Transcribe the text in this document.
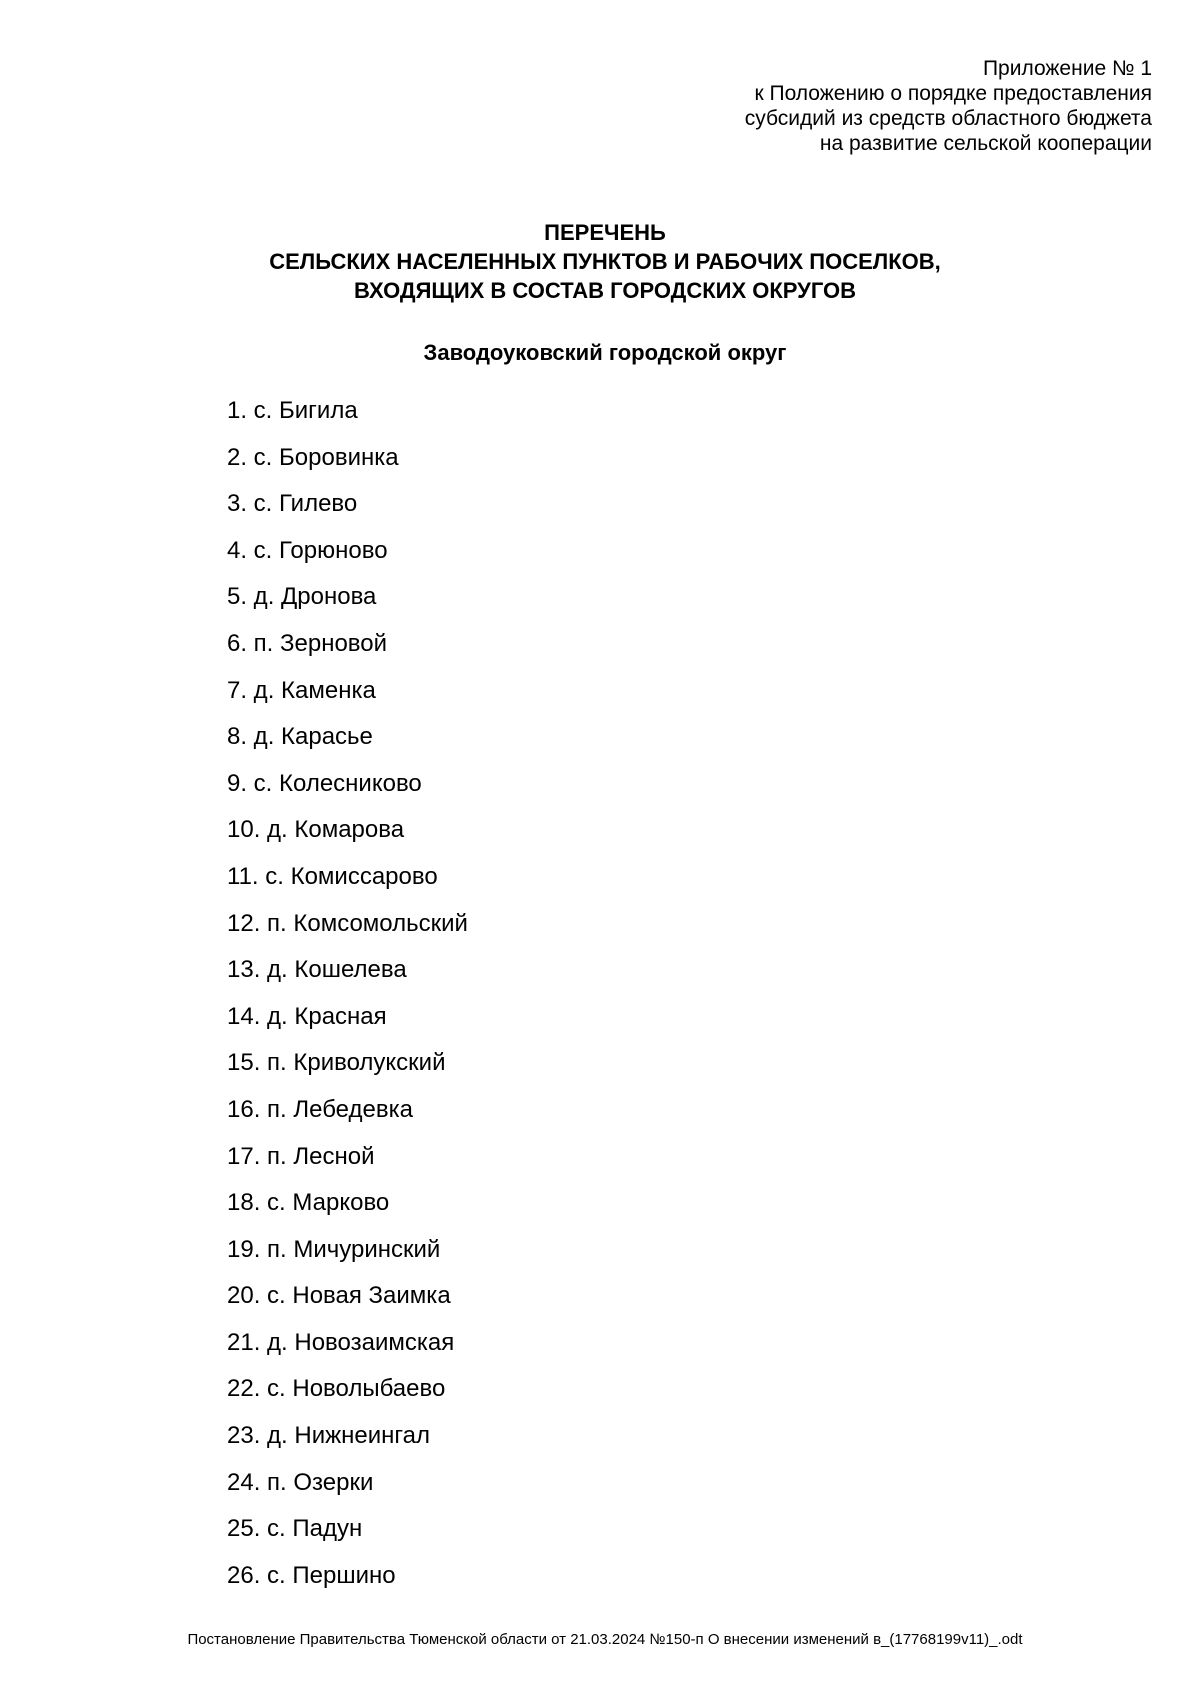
Приложение № 1
к Положению о порядке предоставления
субсидий из средств областного бюджета
на развитие сельской кооперации
ПЕРЕЧЕНЬ
СЕЛЬСКИХ НАСЕЛЕННЫХ ПУНКТОВ И РАБОЧИХ ПОСЕЛКОВ,
ВХОДЯЩИХ В СОСТАВ ГОРОДСКИХ ОКРУГОВ
Заводоуковский городской округ
1. с. Бигила
2. с. Боровинка
3. с. Гилево
4. с. Горюново
5. д. Дронова
6. п. Зерновой
7. д. Каменка
8. д. Карасье
9. с. Колесниково
10. д. Комарова
11. с. Комиссарово
12. п. Комсомольский
13. д. Кошелева
14. д. Красная
15. п. Криволукский
16. п. Лебедевка
17. п. Лесной
18. с. Марково
19. п. Мичуринский
20. с. Новая Заимка
21. д. Новозаимская
22. с. Новолыбаево
23. д. Нижнеингал
24. п. Озерки
25. с. Падун
26. с. Першино
Постановление Правительства Тюменской области от 21.03.2024 №150-п О внесении изменений в_(17768199v11)_.odt
